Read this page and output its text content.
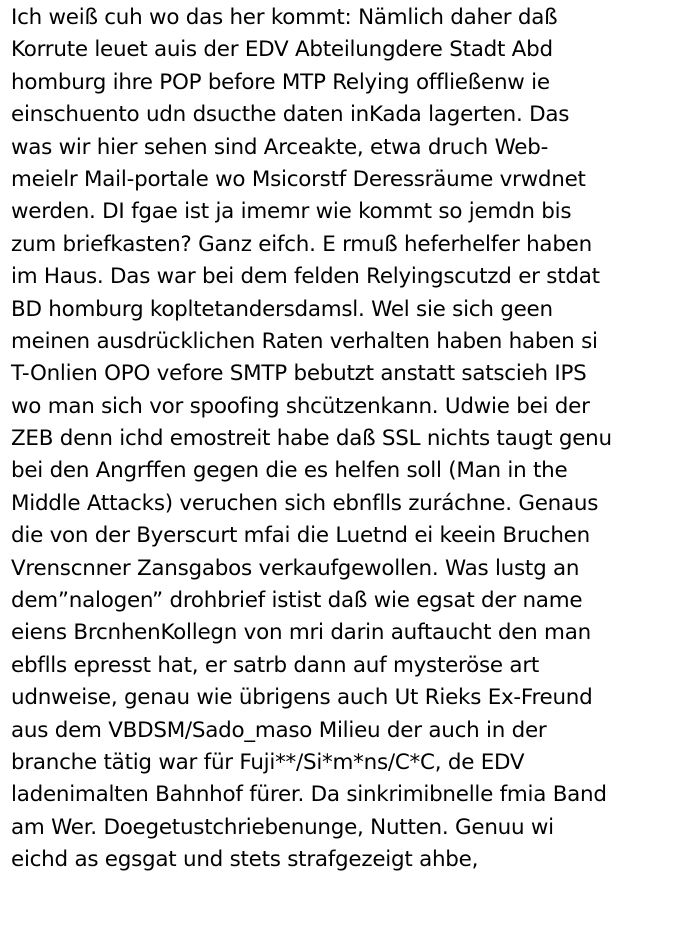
Ich weiß cuh wo das her kommt: Nämlich daher daß
Korrute leuet auis der EDV Abteilungdere Stadt Abd
homburg ihre POP before MTP Relying offließenw ie
einschuento udn dsucthe daten inKada lagerten. Das
was wir hier sehen sind Arceakte, etwa druch Web-
meielr Mail-portale wo Msicorstf Deressräume vrwdnet
werden. DI fgae ist ja imemr wie kommt so jemdn bis
zum briefkasten? Ganz eifch. E rmuß heferhelfer haben
im Haus. Das war bei dem felden Relyingscutzd er stdat
BD homburg kopltetandersdamsl. Wel sie sich geen
meinen ausdrücklichen Raten verhalten haben haben si
T-Onlien OPO vefore SMTP bebutzt anstatt satscieh IPS
wo man sich vor spoofing shcützenkann. Udwie bei der
ZEB denn ichd emostreit habe daß SSL nichts taugt genu
bei den Angrffen gegen die es helfen soll (Man in the
Middle Attacks) veruchen sich ebnflls zuráchne. Genaus
die von der Byerscurt mfai die Luetnd ei keein Bruchen
Vrenscnner Zansgabos verkaufgewollen. Was lustg an
dem”nalogen” drohbrief istist daß wie egsat der name
eiens BrcnhenKollegn von mri darin auftaucht den man
ebflls epresst hat, er satrb dann auf mysteröse art
udnweise, genau wie übrigens auch Ut Rieks Ex-Freund
aus dem VBDSM/Sado_maso Milieu der auch in der
branche tätig war für Fuji**/Si*m*ns/C*C, de EDV
ladenimalten Bahnhof fürer. Da sinkrimibnelle fmia Band
am Wer. Doegetustchriebenunge, Nutten. Genuu wi
eichd as egsgat und stets strafgezeigt ahbe,
